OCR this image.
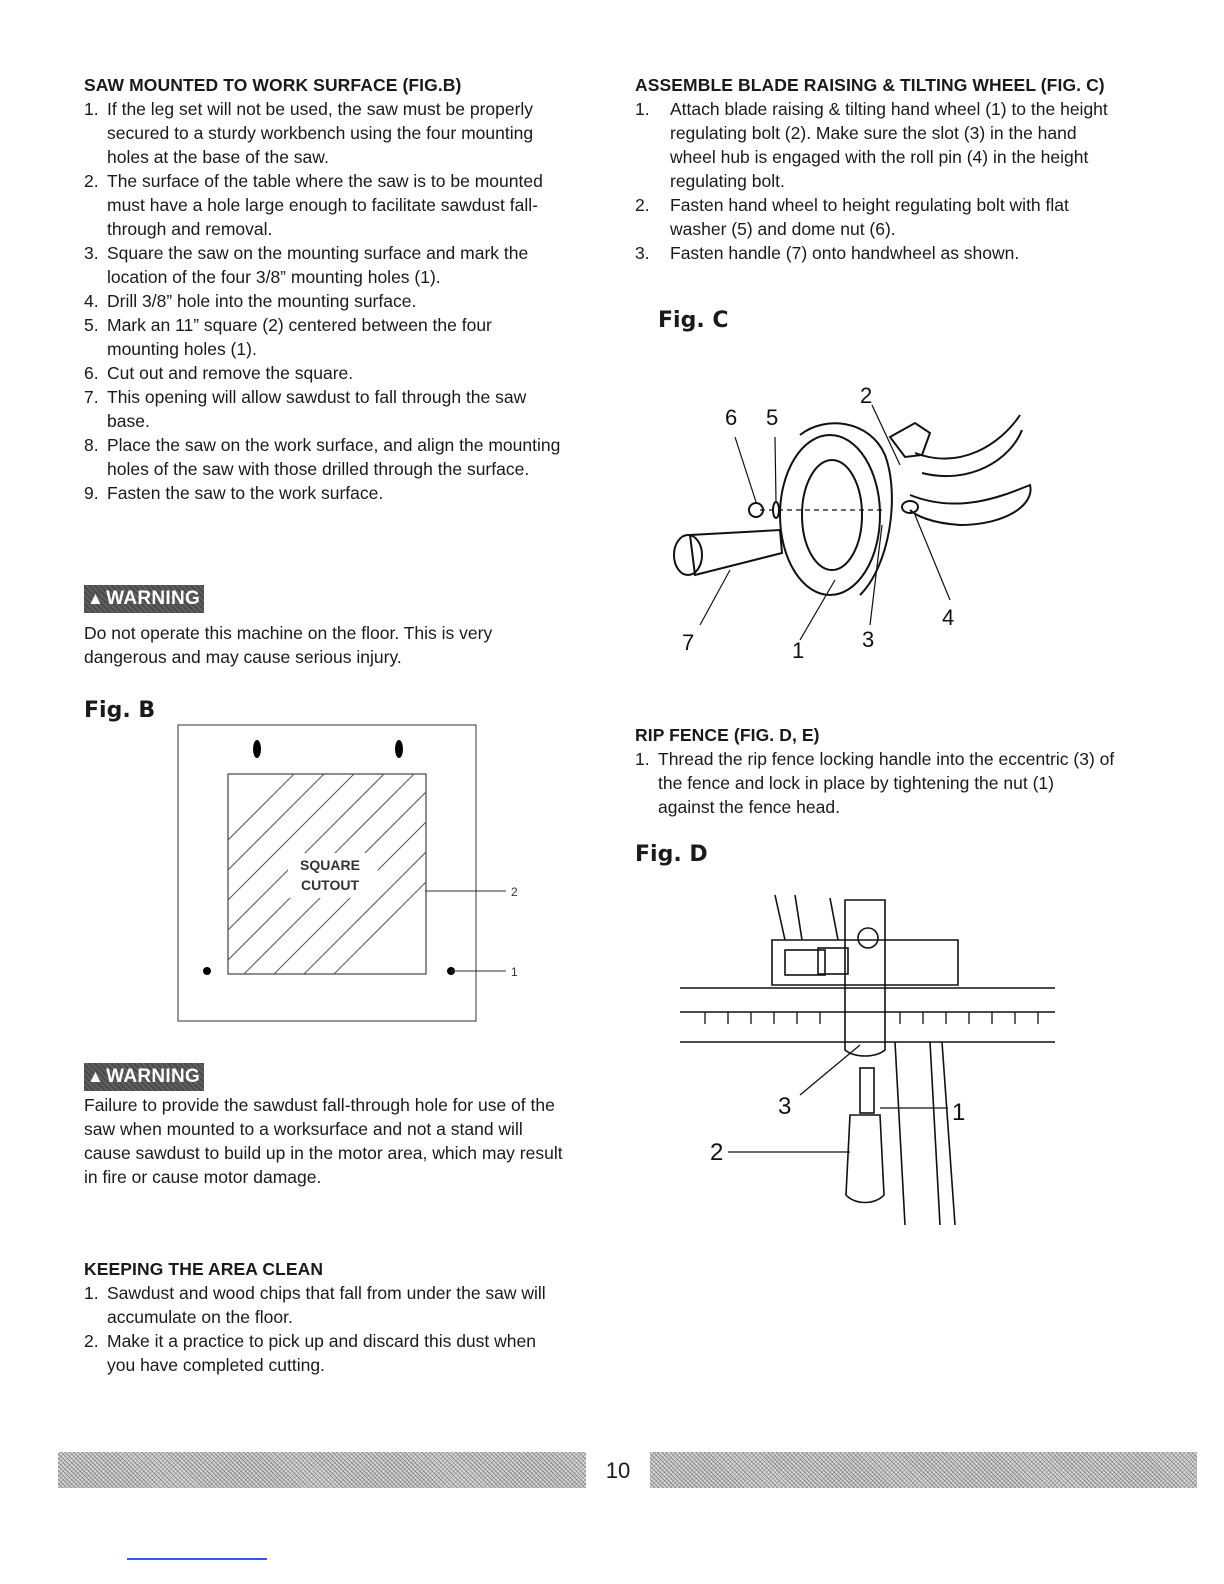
SAW MOUNTED TO WORK SURFACE (FIG.B)
1. If the leg set will not be used, the saw must be properly secured to a sturdy workbench using the four mounting holes at the base of the saw.
2. The surface of the table where the saw is to be mounted must have a hole large enough to facilitate sawdust fall-through and removal.
3. Square the saw on the mounting surface and mark the location of the four 3/8” mounting holes (1).
4. Drill 3/8” hole into the mounting surface.
5. Mark an 11” square (2) centered between the four mounting holes (1).
6. Cut out and remove the square.
7. This opening will allow sawdust to fall through the saw base.
8. Place the saw on the work surface, and align the mounting holes of the saw with those drilled through the surface.
9. Fasten the saw to the work surface.
▲ WARNING
Do not operate this machine on the floor. This is very dangerous and may cause serious injury.
Fig. B
SQUARE
CUTOUT	2
1
▲ WARNING
Failure to provide the sawdust fall-through hole for use of the saw when mounted to a worksurface and not a stand will cause sawdust to build up in the motor area, which may result in fire or cause motor damage.
KEEPING THE AREA CLEAN
1. Sawdust and wood chips that fall from under the saw will accumulate on the floor.
2. Make it a practice to pick up and discard this dust when you have completed cutting.
ASSEMBLE BLADE RAISING & TILTING WHEEL (FIG. C)
1. Attach blade raising & tilting hand wheel (1) to the height regulating bolt (2). Make sure the slot (3) in the hand wheel hub is engaged with the roll pin (4) in the height regulating bolt.
2. Fasten hand wheel to height regulating bolt with flat washer (5) and dome nut (6).
3. Fasten handle (7) onto handwheel as shown.
Fig. C
6 5
2
7	1	3
4
RIP FENCE (FIG. D, E)
1. Thread the rip fence locking handle into the eccentric (3) of the fence and lock in place by tightening the nut (1) against the fence head.
Fig. D
3	1
2
10
